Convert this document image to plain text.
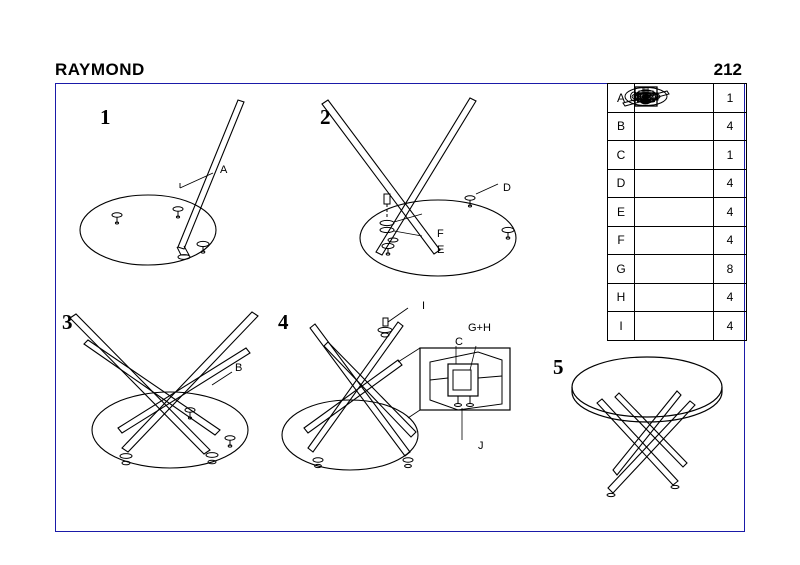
RAYMOND	212
A		1
B		4
C		1
D		4
E		4
F		4
G		8
H		4
I		4
1
A
2
D
F
E
3
B
4
I
C
G+H
J
5
